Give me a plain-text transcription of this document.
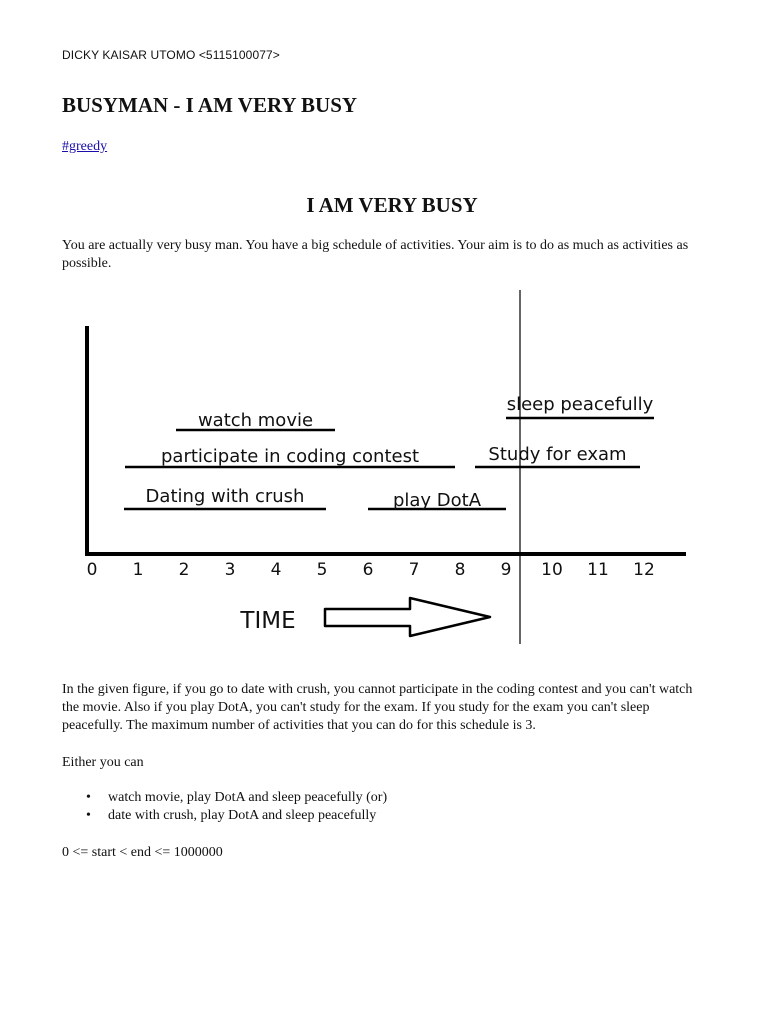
DICKY KAISAR UTOMO <5115100077>
BUSYMAN - I AM VERY BUSY
#greedy
I AM VERY BUSY

You are actually very busy man. You have a big schedule of activities. Your aim is to do as much as activities as possible.

0 1 2 3 4 5 6 7 8 9 10 11 12
watch movie
participate in coding contest
Dating with crush	play DotA
sleep peacefully
Study for exam
TIME

In the given figure, if you go to date with crush, you cannot participate in the coding contest and you can't watch the movie. Also if you play DotA, you can't study for the exam. If you study for the exam you can't sleep peacefully. The maximum number of activities that you can do for this schedule is 3.

Either you can

• watch movie, play DotA and sleep peacefully (or)
• date with crush, play DotA and sleep peacefully

0 <= start < end <= 1000000
